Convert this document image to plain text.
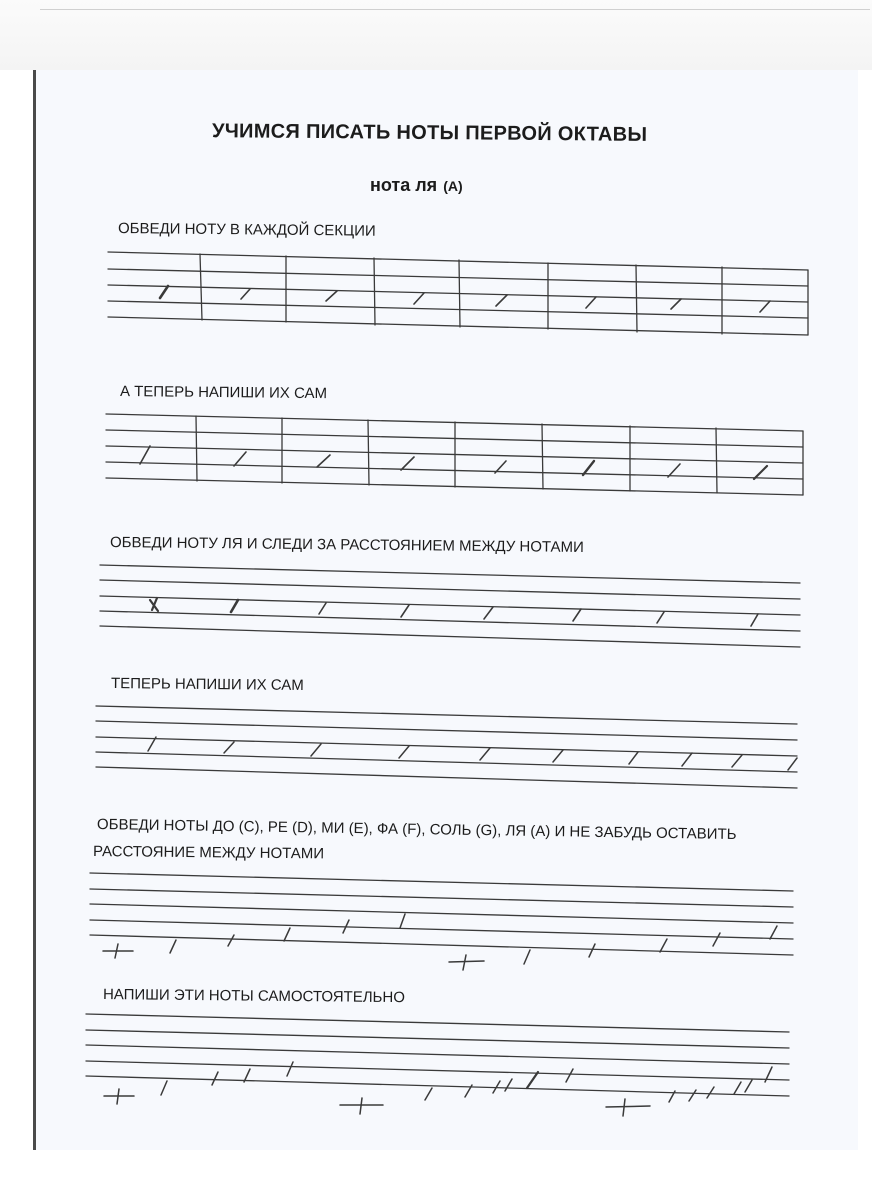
УЧИМСЯ ПИСАТЬ НОТЫ ПЕРВОЙ ОКТАВЫ
нота ля (A)
ОБВЕДИ НОТУ В КАЖДОЙ СЕКЦИИ
А ТЕПЕРЬ НАПИШИ ИХ САМ
ОБВЕДИ НОТУ ЛЯ И СЛЕДИ ЗА РАССТОЯНИЕМ МЕЖДУ НОТАМИ
ТЕПЕРЬ НАПИШИ ИХ САМ
ОБВЕДИ НОТЫ ДО (С), РЕ (D), МИ (E), ФА (F), СОЛЬ (G), ЛЯ (A) И НЕ ЗАБУДЬ ОСТАВИТЬ
РАССТОЯНИЕ МЕЖДУ НОТАМИ
НАПИШИ ЭТИ НОТЫ САМОСТОЯТЕЛЬНО
